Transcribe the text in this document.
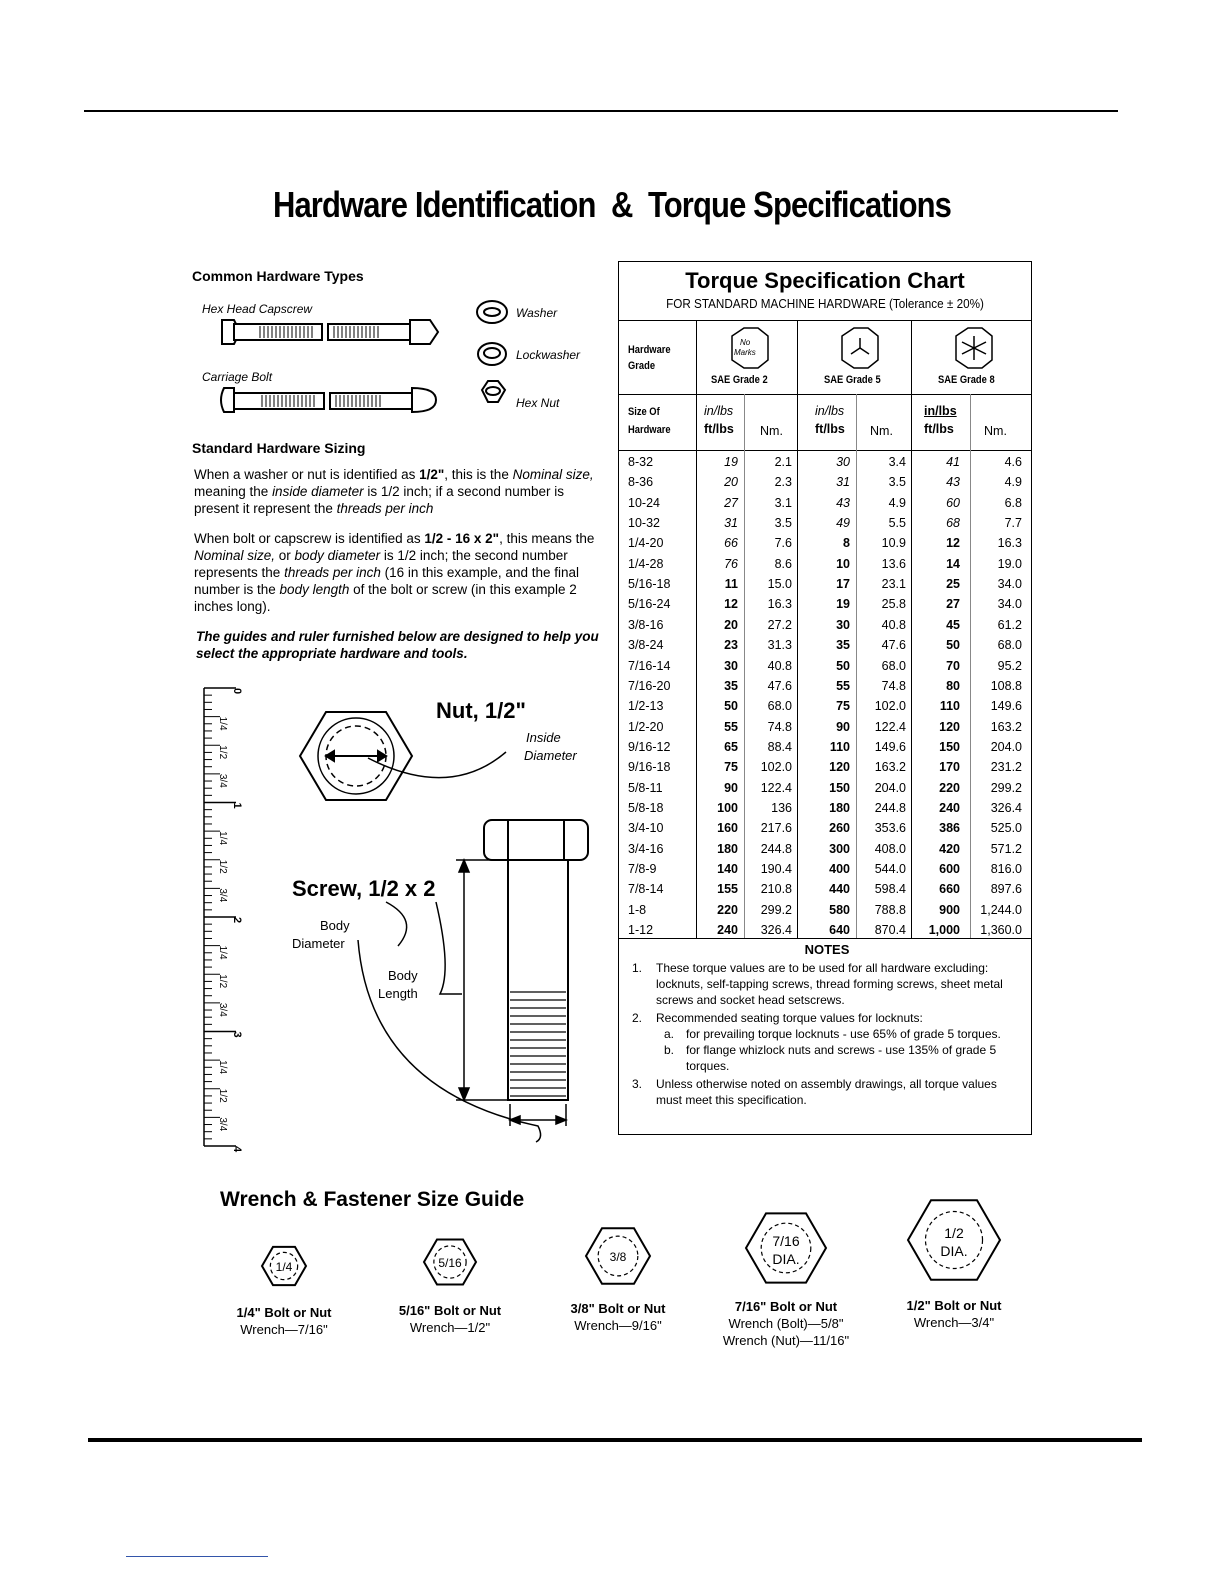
Hardware Identification  &  Torque Specifications
Common Hardware Types
Hex Head Capscrew
Carriage Bolt
Washer
Lockwasher
Hex Nut
Standard Hardware Sizing
When a washer or nut is identified as 1/2", this is the Nominal size, meaning the inside diameter is 1/2 inch; if a second number is present it represent the threads per inch
When bolt or capscrew is identified as 1/2 - 16 x 2", this means the Nominal size, or body diameter is 1/2 inch; the second number represents the threads per inch (16 in this example, and the final number is the body length of the bolt or screw (in this example 2 inches long).
The guides and ruler furnished below are designed to help you select the appropriate hardware and tools.
0
1/4
1/2
3/4
1
1/4
1/2
3/4
2
1/4
1/2
3/4
3
1/4
1/2
3/4
4
Nut, 1/2"
Inside
Diameter
Screw, 1/2 x 2
Body
Diameter
Body
Length
Torque Specification Chart
FOR STANDARD MACHINE HARDWARE (Tolerance ± 20%)
Hardware
Grade
No
Marks
SAE Grade 2	SAE Grade 5	SAE Grade 8
Size Of
Hardware
in/lbs
ft/lbs Nm.
in/lbs
ft/lbs Nm.
in/lbs
ft/lbs Nm.
8-32	19	2.1	30	3.4	41	4.6
8-36	20	2.3	31	3.5	43	4.9
10-24	27	3.1	43	4.9	60	6.8
10-32	31	3.5	49	5.5	68	7.7
1/4-20	66	7.6	8	10.9	12	16.3
1/4-28	76	8.6	10	13.6	14	19.0
5/16-18	11	15.0	17	23.1	25	34.0
5/16-24	12	16.3	19	25.8	27	34.0
3/8-16	20	27.2	30	40.8	45	61.2
3/8-24	23	31.3	35	47.6	50	68.0
7/16-14	30	40.8	50	68.0	70	95.2
7/16-20	35	47.6	55	74.8	80	108.8
1/2-13	50	68.0	75	102.0	110	149.6
1/2-20	55	74.8	90	122.4	120	163.2
9/16-12	65	88.4	110	149.6	150	204.0
9/16-18	75	102.0	120	163.2	170	231.2
5/8-11	90	122.4	150	204.0	220	299.2
5/8-18	100	136	180	244.8	240	326.4
3/4-10	160	217.6	260	353.6	386	525.0
3/4-16	180	244.8	300	408.0	420	571.2
7/8-9	140	190.4	400	544.0	600	816.0
7/8-14	155	210.8	440	598.4	660	897.6
1-8	220	299.2	580	788.8	900	1,244.0
1-12	240	326.4	640	870.4	1,000	1,360.0
NOTES
1.	These torque values are to be used for all hardware excluding: locknuts, self-tapping screws, thread forming screws, sheet metal screws and socket head setscrews.
2.	Recommended seating torque values for locknuts:
a. for prevailing torque locknuts - use 65% of grade 5 torques.
b. for flange whizlock nuts and screws - use 135% of grade 5 torques.
3.	Unless otherwise noted on assembly drawings, all torque values must meet this specification.
Wrench & Fastener Size Guide
1/4
1/4" Bolt or Nut
Wrench—7/16"
5/16
5/16" Bolt or Nut
Wrench—1/2"
3/8
3/8" Bolt or Nut
Wrench—9/16"
7/16
DIA.
7/16" Bolt or Nut
Wrench (Bolt)—5/8"
Wrench (Nut)—11/16"
1/2
DIA.
1/2" Bolt or Nut
Wrench—3/4"
